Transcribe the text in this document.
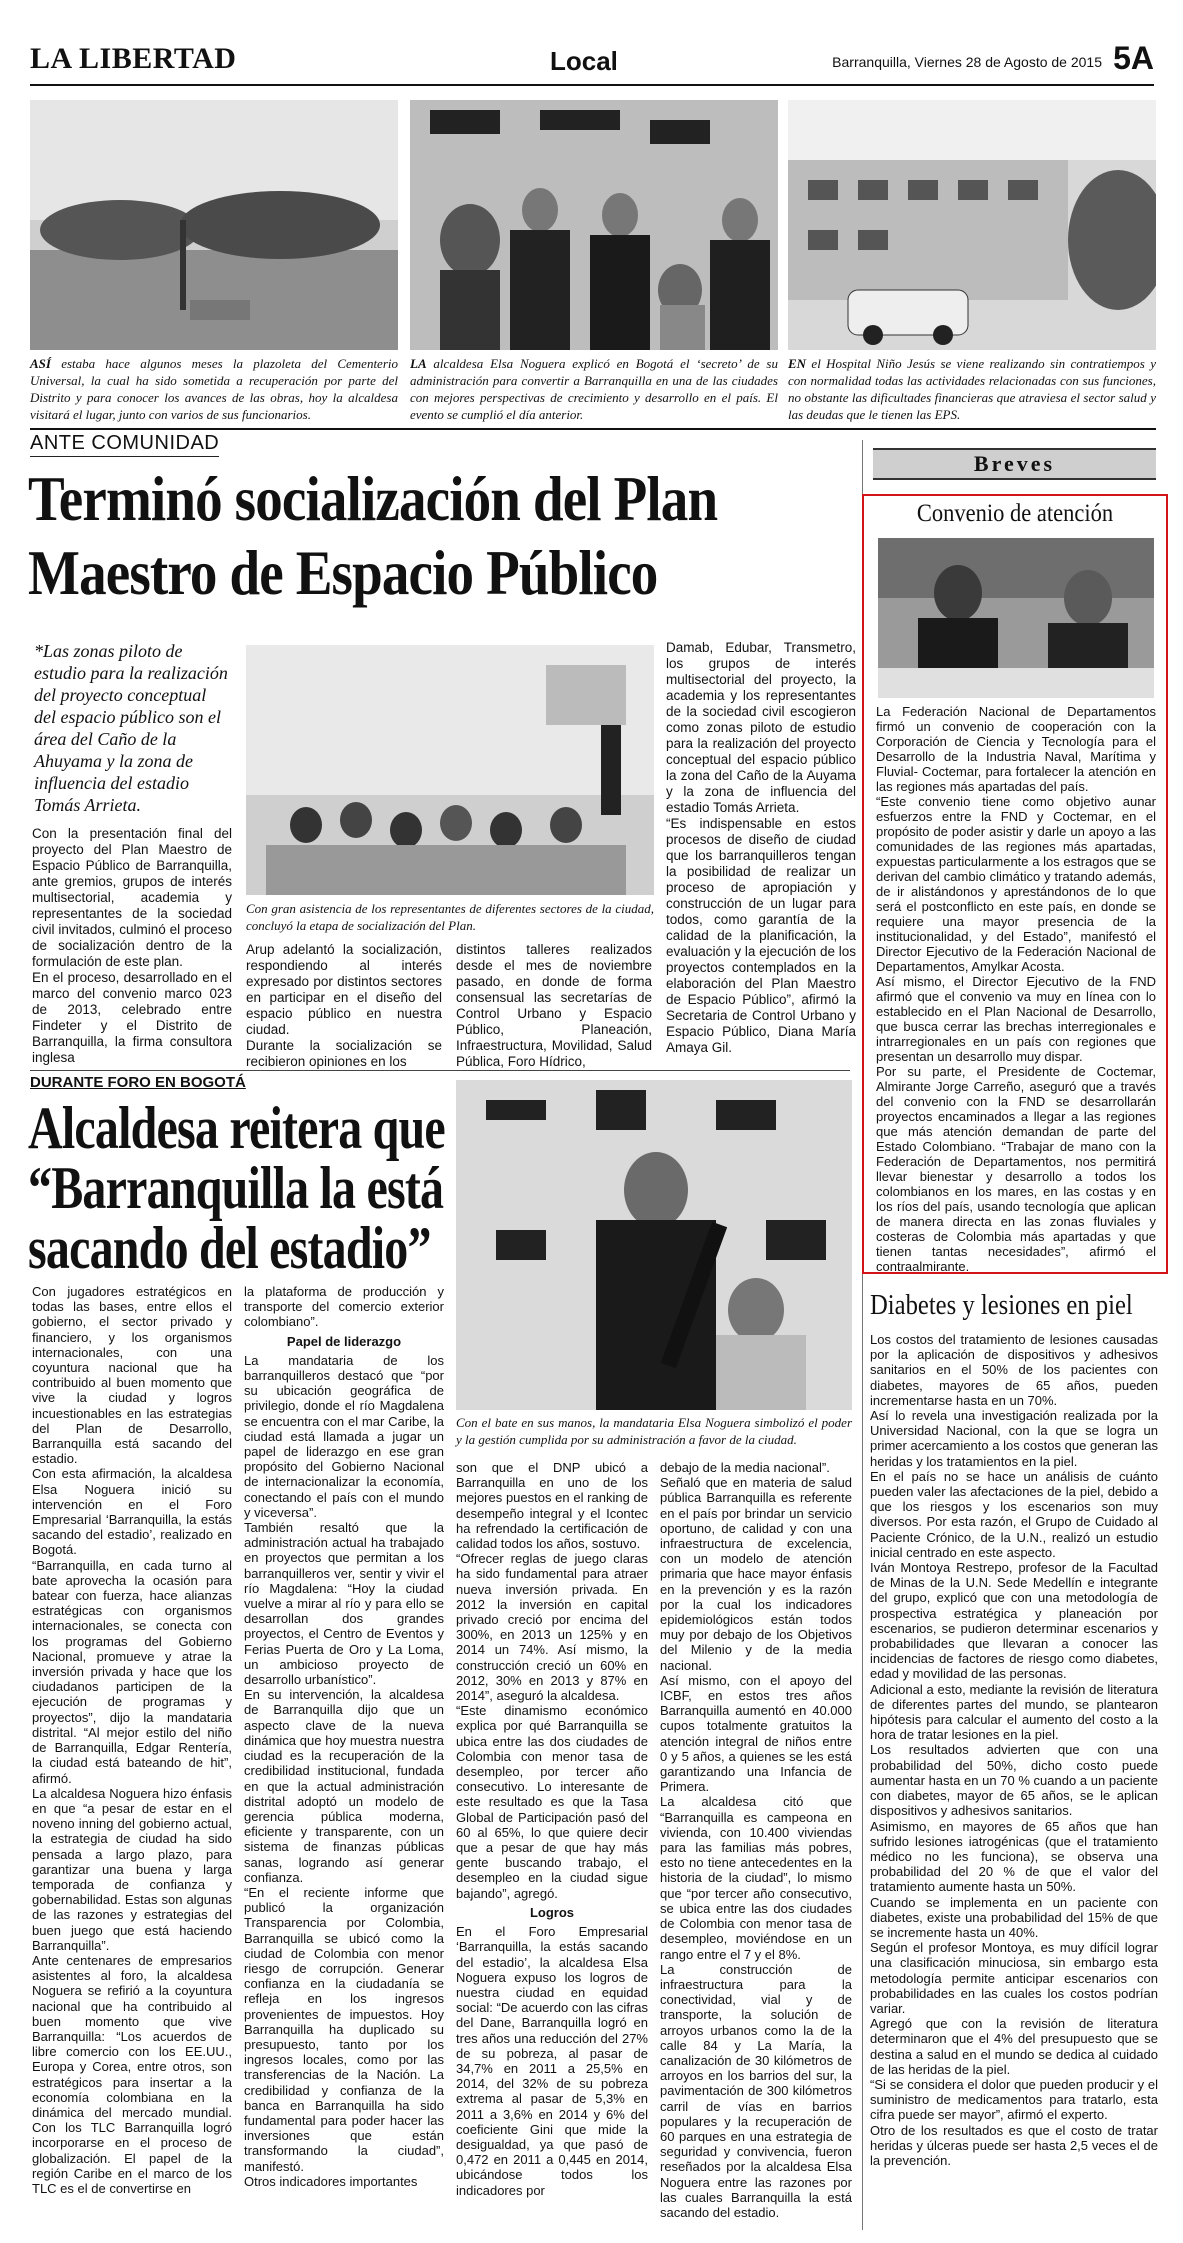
LA LIBERTAD	Local	Barranquilla, Viernes 28 de Agosto de 2015 5A
ASÍ estaba hace algunos meses la plazoleta del Cementerio Universal, la cual ha sido sometida a recuperación por parte del Distrito y para conocer los avances de las obras, hoy la alcaldesa visitará el lugar, junto con varios de sus funcionarios.
LA alcaldesa Elsa Noguera explicó en Bogotá el ‘secreto’ de su administración para convertir a Barranquilla en una de las ciudades con mejores perspectivas de crecimiento y desarrollo en el país. El evento se cumplió el día anterior.
EN el Hospital Niño Jesús se viene realizando sin contratiempos y con normalidad todas las actividades relacionadas con sus funciones, no obstante las dificultades financieras que atraviesa el sector salud y las deudas que le tienen las EPS.
ANTE COMUNIDAD
Terminó socialización del Plan
Maestro de Espacio Público
*Las zonas piloto de estudio para la realización del proyecto conceptual del espacio público son el área del Caño de la Ahuyama y la zona de influencia del estadio Tomás Arrieta.
Con la presentación final del proyecto del Plan Maestro de Espacio Público de Barranquilla, ante gremios, grupos de interés multisectorial, academia y representantes de la sociedad civil invitados, culminó el proceso de socialización dentro de la formulación de este plan.
En el proceso, desarrollado en el marco del convenio marco 023 de 2013, celebrado entre Findeter y el Distrito de Barranquilla, la firma consultora inglesa
Con gran asistencia de los representantes de diferentes sectores de la ciudad, concluyó la etapa de socialización del Plan.
Arup adelantó la socialización, respondiendo al interés expresado por distintos sectores en participar en el diseño del espacio público en nuestra ciudad.
Durante la socialización se recibieron opiniones en los
distintos talleres realizados desde el mes de noviembre pasado, en donde de forma consensual las secretarías de Control Urbano y Espacio Público, Planeación, Infraestructura, Movilidad, Salud Pública, Foro Hídrico,
Damab, Edubar, Transmetro, los grupos de interés multisectorial del proyecto, la academia y los representantes de la sociedad civil escogieron como zonas piloto de estudio para la realización del proyecto conceptual del espacio público la zona del Caño de la Auyama y la zona de influencia del estadio Tomás Arrieta.
“Es indispensable en estos procesos de diseño de ciudad que los barranquilleros tengan la posibilidad de realizar un proceso de apropiación y construcción de un lugar para todos, como garantía de la calidad de la planificación, la evaluación y la ejecución de los proyectos contemplados en la elaboración del Plan Maestro de Espacio Público”, afirmó la Secretaria de Control Urbano y Espacio Público, Diana María Amaya Gil.
DURANTE FORO EN BOGOTÁ
Alcaldesa reitera que
“Barranquilla la está
sacando del estadio”
Con jugadores estratégicos en todas las bases, entre ellos el gobierno, el sector privado y financiero, y los organismos internacionales, con una coyuntura nacional que ha contribuido al buen momento que vive la ciudad y logros incuestionables en las estrategias del Plan de Desarrollo, Barranquilla está sacando del estadio.
Con esta afirmación, la alcaldesa Elsa Noguera inició su intervención en el Foro Empresarial ‘Barranquilla, la estás sacando del estadio’, realizado en Bogotá.
“Barranquilla, en cada turno al bate aprovecha la ocasión para batear con fuerza, hace alianzas estratégicas con organismos internacionales, se conecta con los programas del Gobierno Nacional, promueve y atrae la inversión privada y hace que los ciudadanos participen de la ejecución de programas y proyectos”, dijo la mandataria distrital. “Al mejor estilo del niño de Barranquilla, Edgar Rentería, la ciudad está bateando de hit”, afirmó.
La alcaldesa Noguera hizo énfasis en que “a pesar de estar en el noveno inning del gobierno actual, la estrategia de ciudad ha sido pensada a largo plazo, para garantizar una buena y larga temporada de confianza y gobernabilidad. Estas son algunas de las razones y estrategias del buen juego que está haciendo Barranquilla”.
Ante centenares de empresarios asistentes al foro, la alcaldesa Noguera se refirió a la coyuntura nacional que ha contribuido al buen momento que vive Barranquilla: “Los acuerdos de libre comercio con los EE.UU., Europa y Corea, entre otros, son estratégicos para insertar a la economía colombiana en la dinámica del mercado mundial. Con los TLC Barranquilla logró incorporarse en el proceso de globalización. El papel de la región Caribe en el marco de los TLC es el de convertirse en
la plataforma de producción y transporte del comercio exterior colombiano”.
Papel de liderazgo
La mandataria de los barranquilleros destacó que “por su ubicación geográfica de privilegio, donde el río Magdalena se encuentra con el mar Caribe, la ciudad está llamada a jugar un papel de liderazgo en ese gran propósito del Gobierno Nacional de internacionalizar la economía, conectando el país con el mundo y viceversa”.
También resaltó que la administración actual ha trabajado en proyectos que permitan a los barranquilleros ver, sentir y vivir el río Magdalena: “Hoy la ciudad vuelve a mirar al río y para ello se desarrollan dos grandes proyectos, el Centro de Eventos y Ferias Puerta de Oro y La Loma, un ambicioso proyecto de desarrollo urbanístico”.
En su intervención, la alcaldesa de Barranquilla dijo que un aspecto clave de la nueva dinámica que hoy muestra nuestra ciudad es la recuperación de la credibilidad institucional, fundada en que la actual administración distrital adoptó un modelo de gerencia pública moderna, eficiente y transparente, con un sistema de finanzas públicas sanas, logrando así generar confianza.
“En el reciente informe que publicó la organización Transparencia por Colombia, Barranquilla se ubicó como la ciudad de Colombia con menor riesgo de corrupción. Generar confianza en la ciudadanía se refleja en los ingresos provenientes de impuestos. Hoy Barranquilla ha duplicado su presupuesto, tanto por los ingresos locales, como por las transferencias de la Nación. La credibilidad y confianza de la banca en Barranquilla ha sido fundamental para poder hacer las inversiones que están transformando la ciudad”, manifestó.
Otros indicadores importantes
Con el bate en sus manos, la mandataria Elsa Noguera simbolizó el poder y la gestión cumplida por su administración a favor de la ciudad.
son que el DNP ubicó a Barranquilla en uno de los mejores puestos en el ranking de desempeño integral y el Icontec ha refrendado la certificación de calidad todos los años, sostuvo.
“Ofrecer reglas de juego claras ha sido fundamental para atraer nueva inversión privada. En 2012 la inversión en capital privado creció por encima del 300%, en 2013 un 125% y en 2014 un 74%. Así mismo, la construcción creció un 60% en 2012, 30% en 2013 y 87% en 2014”, aseguró la alcaldesa.
“Este dinamismo económico explica por qué Barranquilla se ubica entre las dos ciudades de Colombia con menor tasa de desempleo, por tercer año consecutivo. Lo interesante de este resultado es que la Tasa Global de Participación pasó del 60 al 65%, lo que quiere decir que a pesar de que hay más gente buscando trabajo, el desempleo en la ciudad sigue bajando”, agregó.
Logros
En el Foro Empresarial ‘Barranquilla, la estás sacando del estadio’, la alcaldesa Elsa Noguera expuso los logros de nuestra ciudad en equidad social: “De acuerdo con las cifras del Dane, Barranquilla logró en tres años una reducción del 27% de su pobreza, al pasar de 34,7% en 2011 a 25,5% en 2014, del 32% de su pobreza extrema al pasar de 5,3% en 2011 a 3,6% en 2014 y 6% del coeficiente Gini que mide la desigualdad, ya que pasó de 0,472 en 2011 a 0,445 en 2014, ubicándose todos los indicadores por
debajo de la media nacional”.
Señaló que en materia de salud pública Barranquilla es referente en el país por brindar un servicio oportuno, de calidad y con una infraestructura de excelencia, con un modelo de atención primaria que hace mayor énfasis en la prevención y es la razón por la cual los indicadores epidemiológicos están todos muy por debajo de los Objetivos del Milenio y de la media nacional.
Así mismo, con el apoyo del ICBF, en estos tres años Barranquilla aumentó en 40.000 cupos totalmente gratuitos la atención integral de niños entre 0 y 5 años, a quienes se les está garantizando una Infancia de Primera.
La alcaldesa citó que “Barranquilla es campeona en vivienda, con 10.400 viviendas para las familias más pobres, esto no tiene antecedentes en la historia de la ciudad”, lo mismo que “por tercer año consecutivo, se ubica entre las dos ciudades de Colombia con menor tasa de desempleo, moviéndose en un rango entre el 7 y el 8%.
La construcción de infraestructura para la conectividad, vial y de transporte, la solución de arroyos urbanos como la de la calle 84 y La María, la canalización de 30 kilómetros de arroyos en los barrios del sur, la pavimentación de 300 kilómetros carril de vías en barrios populares y la recuperación de 60 parques en una estrategia de seguridad y convivencia, fueron reseñados por la alcaldesa Elsa Noguera entre las razones por las cuales Barranquilla la está sacando del estadio.
Breves
Convenio de atención
La Federación Nacional de Departamentos firmó un convenio de cooperación con la Corporación de Ciencia y Tecnología para el Desarrollo de la Industria Naval, Marítima y Fluvial- Coctemar, para fortalecer la atención en las regiones más apartadas del país.
“Este convenio tiene como objetivo aunar esfuerzos entre la FND y Coctemar, en el propósito de poder asistir y darle un apoyo a las comunidades de las regiones más apartadas, expuestas particularmente a los estragos que se derivan del cambio climático y tratando además, de ir alistándonos y aprestándonos de lo que será el postconflicto en este país, en donde se requiere una mayor presencia de la institucionalidad, y del Estado”, manifestó el Director Ejecutivo de la Federación Nacional de Departamentos, Amylkar Acosta.
Así mismo, el Director Ejecutivo de la FND afirmó que el convenio va muy en línea con lo establecido en el Plan Nacional de Desarrollo, que busca cerrar las brechas interregionales e intrarregionales en un país con regiones que presentan un desarrollo muy dispar.
Por su parte, el Presidente de Coctemar, Almirante Jorge Carreño, aseguró que a través del convenio con la FND se desarrollarán proyectos encaminados a llegar a las regiones que más atención demandan de parte del Estado Colombiano. “Trabajar de mano con la Federación de Departamentos, nos permitirá llevar bienestar y desarrollo a todos los colombianos en los mares, en las costas y en los ríos del país, usando tecnología que aplican de manera directa en las zonas fluviales y costeras de Colombia más apartadas y que tienen tantas necesidades”, afirmó el contraalmirante.
Diabetes y lesiones en piel
Los costos del tratamiento de lesiones causadas por la aplicación de dispositivos y adhesivos sanitarios en el 50% de los pacientes con diabetes, mayores de 65 años, pueden incrementarse hasta en un 70%.
Así lo revela una investigación realizada por la Universidad Nacional, con la que se logra un primer acercamiento a los costos que generan las heridas y los tratamientos en la piel.
En el país no se hace un análisis de cuánto pueden valer las afectaciones de la piel, debido a que los riesgos y los escenarios son muy diversos. Por esta razón, el Grupo de Cuidado al Paciente Crónico, de la U.N., realizó un estudio inicial centrado en este aspecto.
Iván Montoya Restrepo, profesor de la Facultad de Minas de la U.N. Sede Medellín e integrante del grupo, explicó que con una metodología de prospectiva estratégica y planeación por escenarios, se pudieron determinar escenarios y probabilidades que llevaran a conocer las incidencias de factores de riesgo como diabetes, edad y movilidad de las personas.
Adicional a esto, mediante la revisión de literatura de diferentes partes del mundo, se plantearon hipótesis para calcular el aumento del costo a la hora de tratar lesiones en la piel.
Los resultados advierten que con una probabilidad del 50%, dicho costo puede aumentar hasta en un 70 % cuando a un paciente con diabetes, mayor de 65 años, se le aplican dispositivos y adhesivos sanitarios.
Asimismo, en mayores de 65 años que han sufrido lesiones iatrogénicas (que el tratamiento médico no les funciona), se observa una probabilidad del 20 % de que el valor del tratamiento aumente hasta un 50%.
Cuando se implementa en un paciente con diabetes, existe una probabilidad del 15% de que se incremente hasta un 40%.
Según el profesor Montoya, es muy difícil lograr una clasificación minuciosa, sin embargo esta metodología permite anticipar escenarios con probabilidades en las cuales los costos podrían variar.
Agregó que con la revisión de literatura determinaron que el 4% del presupuesto que se destina a salud en el mundo se dedica al cuidado de las heridas de la piel.
“Si se considera el dolor que pueden producir y el suministro de medicamentos para tratarlo, esta cifra puede ser mayor”, afirmó el experto.
Otro de los resultados es que el costo de tratar heridas y úlceras puede ser hasta 2,5 veces el de la prevención.
